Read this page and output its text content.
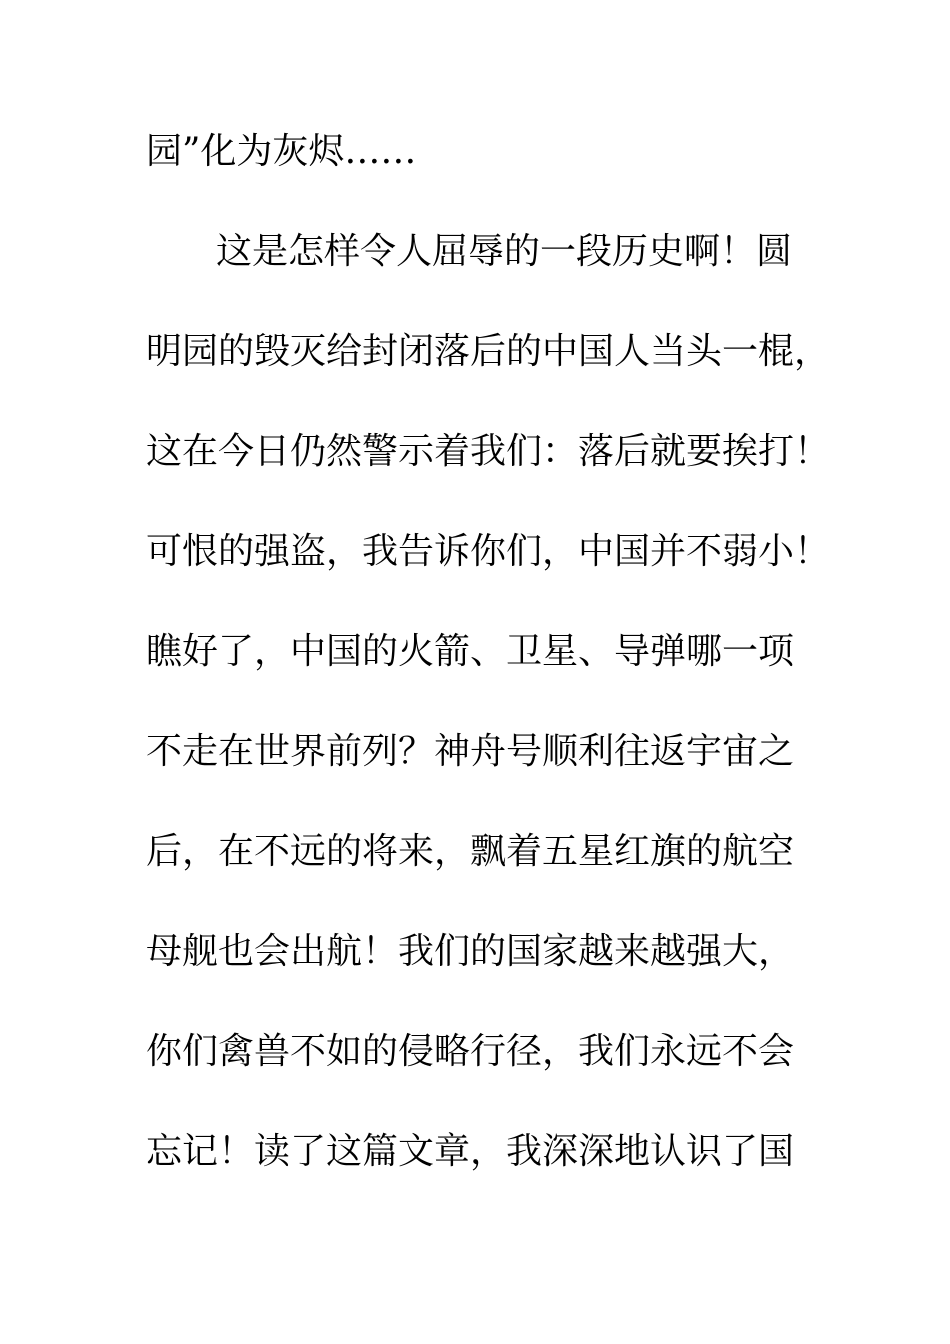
园”化为灰烬……
这是怎样令人屈辱的一段历史啊！圆
明园的毁灭给封闭落后的中国人当头一棍，
这在今日仍然警示着我们：落后就要挨打！
可恨的强盗，我告诉你们，中国并不弱小！
瞧好了，中国的火箭、卫星、导弹哪一项
不走在世界前列？神舟号顺利往返宇宙之
后，在不远的将来，飘着五星红旗的航空
母舰也会出航！我们的国家越来越强大，
你们禽兽不如的侵略行径，我们永远不会
忘记！读了这篇文章，我深深地认识了国
